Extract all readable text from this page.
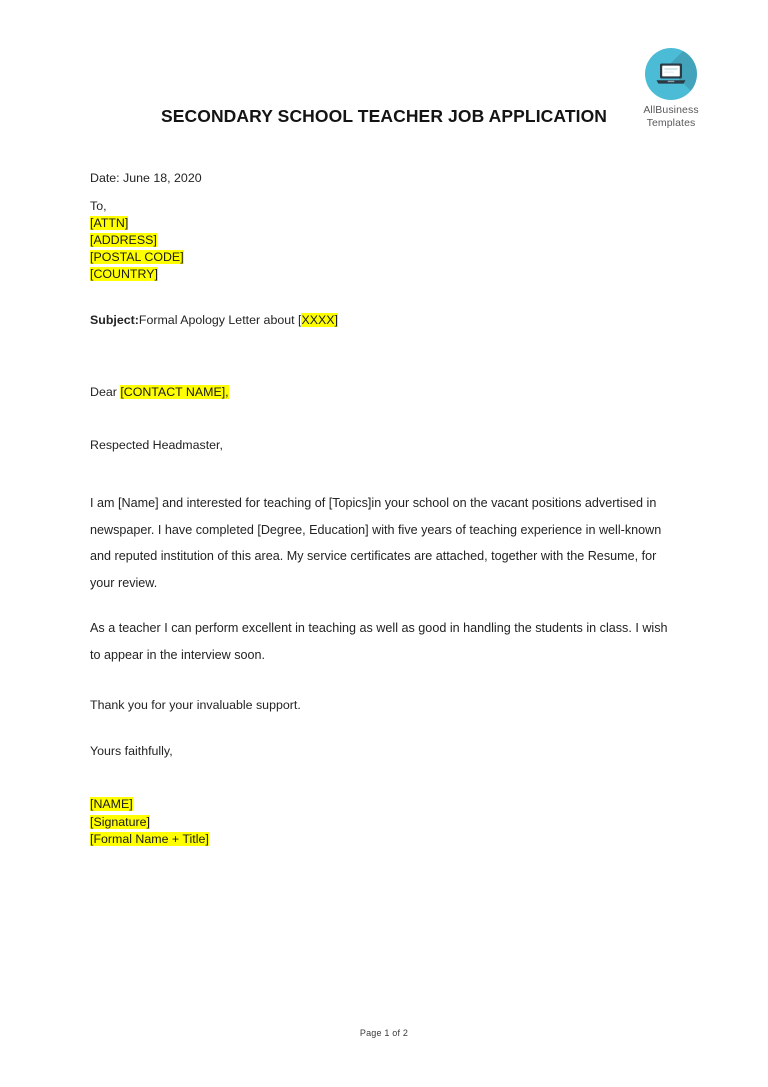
AllBusiness
Templates
SECONDARY SCHOOL TEACHER JOB APPLICATION
Date: June 18, 2020
To,
[ATTN]
[ADDRESS]
[POSTAL CODE]
[COUNTRY]
Subject:Formal Apology Letter about [XXXX]
Dear [CONTACT NAME],
Respected Headmaster,

I am [Name] and interested for teaching of [Topics]in your school on the vacant positions advertised in newspaper. I have completed [Degree, Education] with five years of teaching experience in well-known and reputed institution of this area. My service certificates are attached, together with the Resume, for your review.

As a teacher I can perform excellent in teaching as well as good in handling the students in class. I wish to appear in the interview soon.

Thank you for your invaluable support.
Yours faithfully,
[NAME]
[Signature]
[Formal Name + Title]
Page 1 of 2
